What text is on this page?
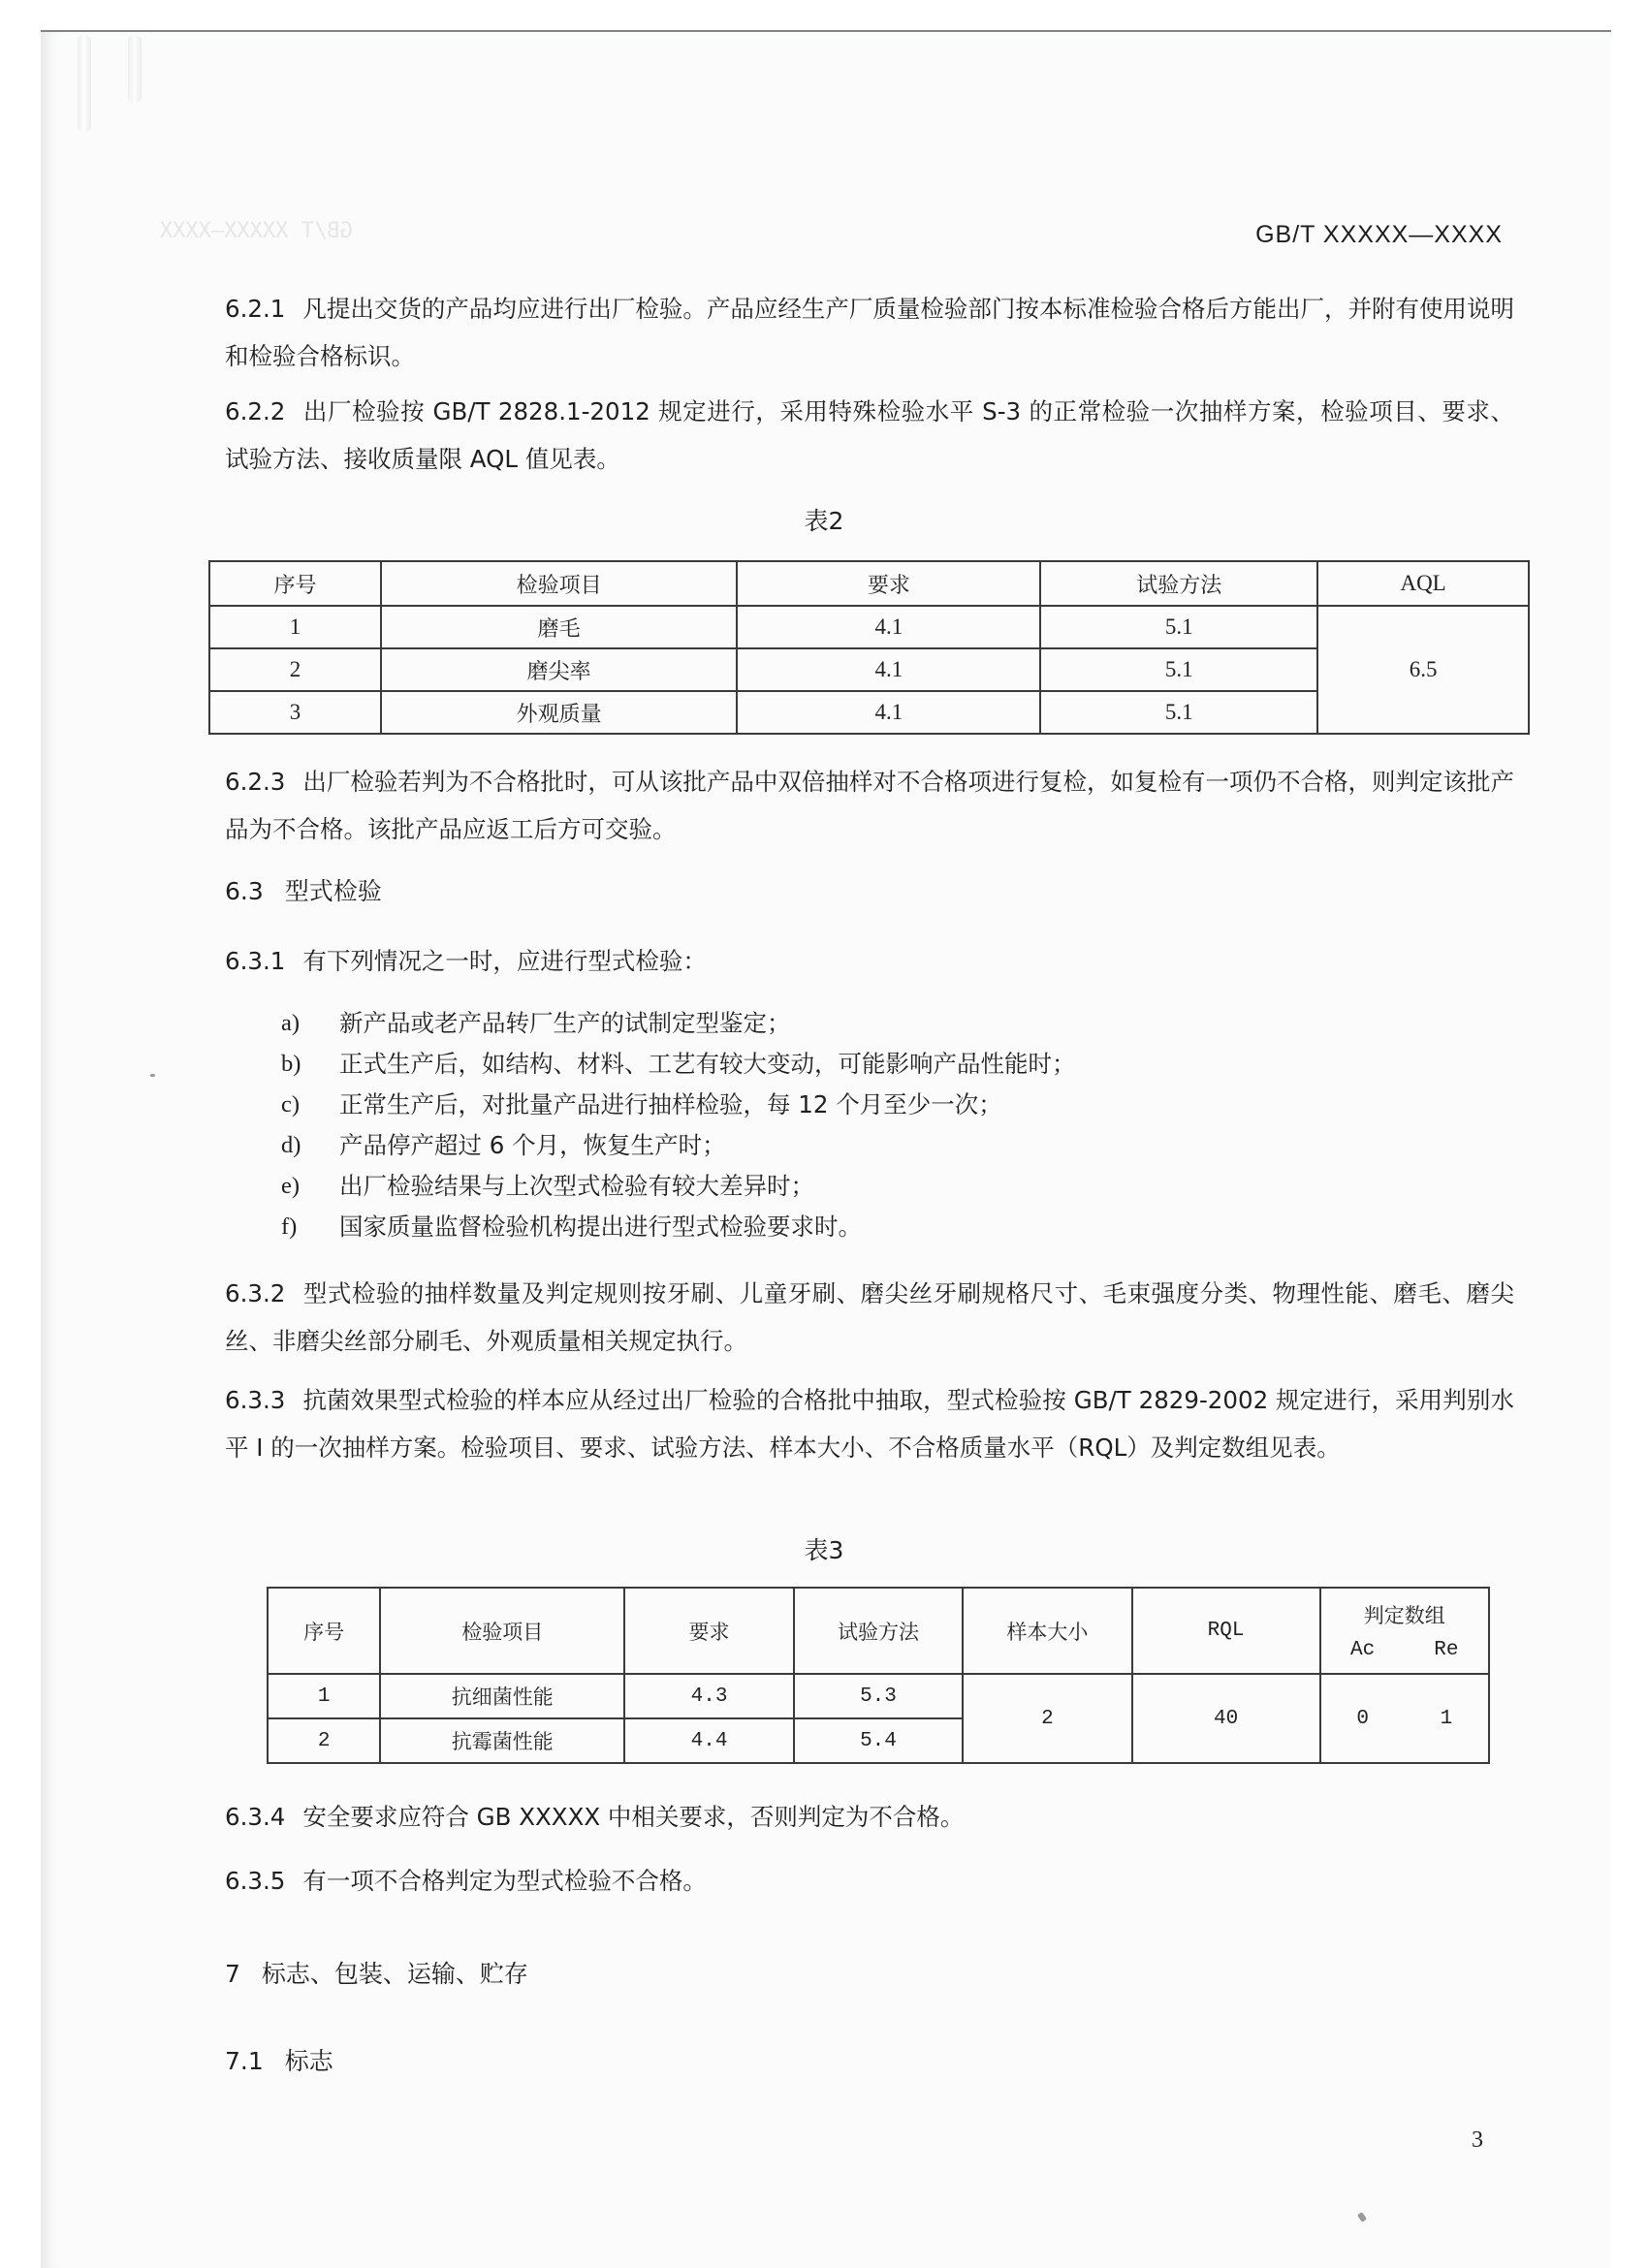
GB/T XXXXX—XXXX	GB/T XXXXX—XXXX
6.2.1 凡提出交货的产品均应进行出厂检验。产品应经生产厂质量检验部门按本标准检验合格后方能出厂，并附有使用说明和检验合格标识。
6.2.2 出厂检验按 GB/T 2828.1-2012 规定进行，采用特殊检验水平 S-3 的正常检验一次抽样方案，检验项目、要求、试验方法、接收质量限 AQL 值见表。
表2
序号	检验项目	要求	试验方法	AQL
1	磨毛	4.1	5.1	6.5
2	磨尖率	4.1	5.1	
3	外观质量	4.1	5.1	
6.2.3 出厂检验若判为不合格批时，可从该批产品中双倍抽样对不合格项进行复检，如复检有一项仍不合格，则判定该批产品为不合格。该批产品应返工后方可交验。
6.3 型式检验
6.3.1 有下列情况之一时，应进行型式检验：
a)	新产品或老产品转厂生产的试制定型鉴定；
b)	正式生产后，如结构、材料、工艺有较大变动，可能影响产品性能时；
c)	正常生产后，对批量产品进行抽样检验，每 12 个月至少一次；
d)	产品停产超过 6 个月，恢复生产时；
e)	出厂检验结果与上次型式检验有较大差异时；
f)	国家质量监督检验机构提出进行型式检验要求时。
6.3.2 型式检验的抽样数量及判定规则按牙刷、儿童牙刷、磨尖丝牙刷规格尺寸、毛束强度分类、物理性能、磨毛、磨尖丝、非磨尖丝部分刷毛、外观质量相关规定执行。
6.3.3 抗菌效果型式检验的样本应从经过出厂检验的合格批中抽取，型式检验按 GB/T 2829-2002 规定进行，采用判别水平 I 的一次抽样方案。检验项目、要求、试验方法、样本大小、不合格质量水平（RQL）及判定数组见表。
表3
序号	检验项目	要求	试验方法	样本大小	RQL	判定数组
Ac Re

1	抗细菌性能	4.3	5.3	2	40	0 1

2	抗霉菌性能	4.4	5.4			
6.3.4 安全要求应符合 GB XXXXX 中相关要求，否则判定为不合格。
6.3.5 有一项不合格判定为型式检验不合格。
7 标志、包装、运输、贮存
7.1 标志
3
